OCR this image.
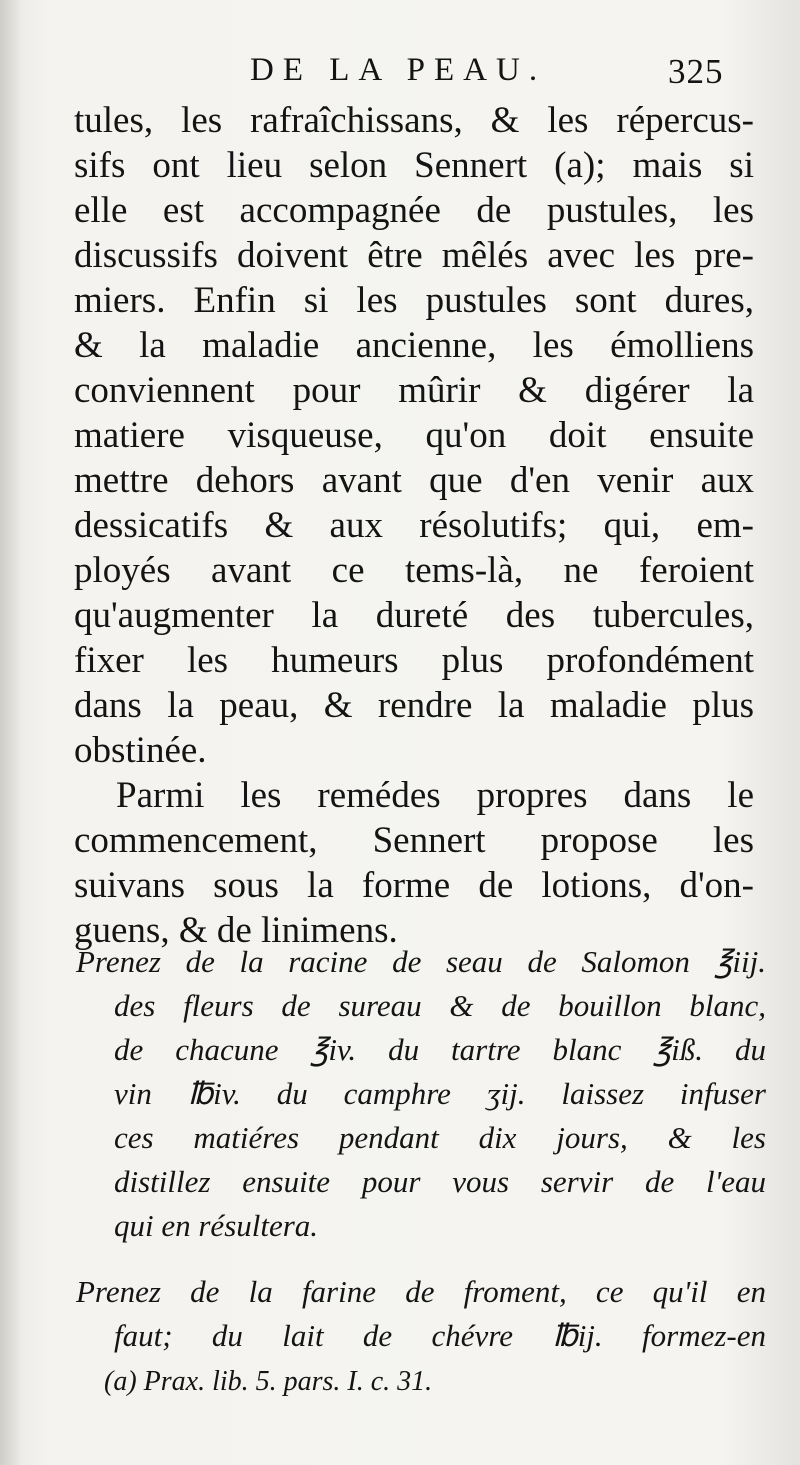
DE LA PEAU.	325
tules, les rafraîchissans, & les répercus-
sifs ont lieu selon Sennert (a); mais si
elle est accompagnée de pustules, les
discussifs doivent être mêlés avec les pre-
miers. Enfin si les pustules sont dures,
& la maladie ancienne, les émolliens
conviennent pour mûrir & digérer la
matiere visqueuse, qu'on doit ensuite
mettre dehors avant que d'en venir aux
dessicatifs & aux résolutifs; qui, em-
ployés avant ce tems-là, ne feroient
qu'augmenter la dureté des tubercules,
fixer les humeurs plus profondément
dans la peau, & rendre la maladie plus
obstinée.
Parmi les remédes propres dans le
commencement, Sennert propose les
suivans sous la forme de lotions, d'on-
guens, & de linimens.
Prenez de la racine de seau de Salomon ℥iij.
des fleurs de sureau & de bouillon blanc,
de chacune ℥iv. du tartre blanc ℥iß. du
vin ℔iv. du camphre ʒij. laissez infuser
ces matiéres pendant dix jours, & les
distillez ensuite pour vous servir de l'eau
qui en résultera.
Prenez de la farine de froment, ce qu'il en
faut; du lait de chévre ℔ij. formez-en
(a) Prax. lib. 5. pars. I. c. 31.
